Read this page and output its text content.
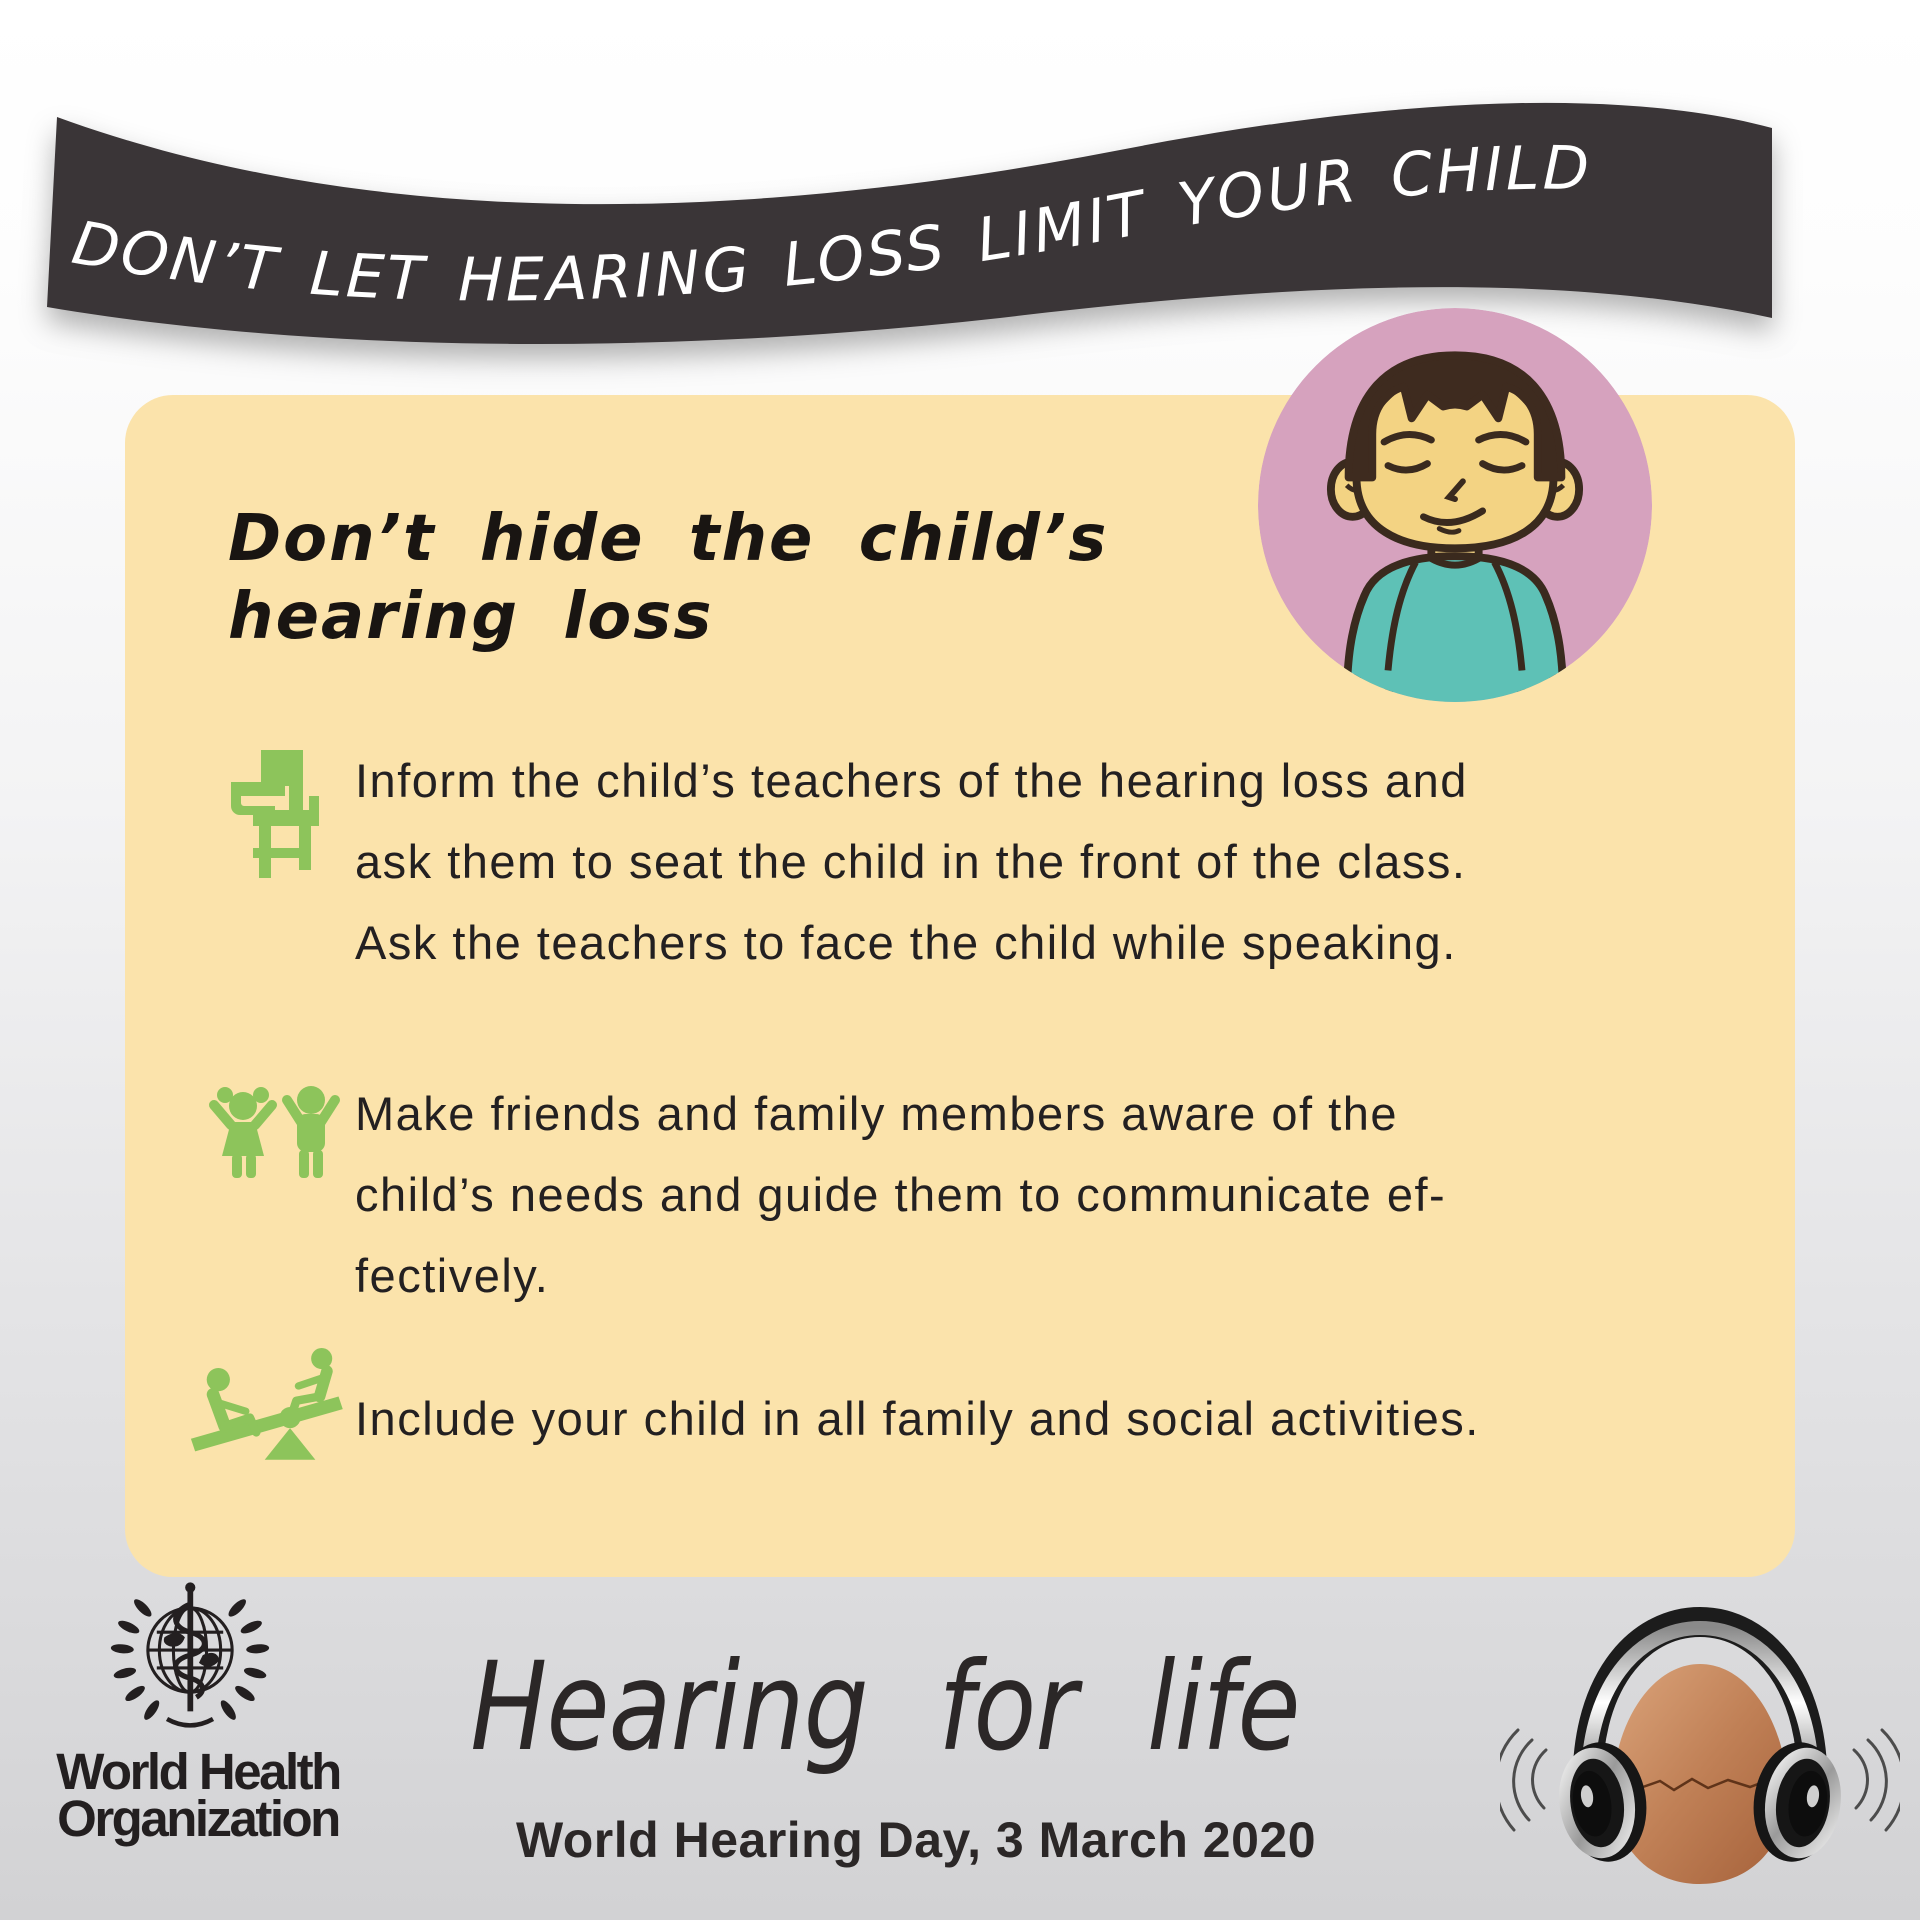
DON’T LET HEARING LOSS LIMIT YOUR CHILD
Don’t hide the child’s
hearing loss
Inform the child’s teachers of the hearing loss and
ask them to seat the child in the front of the class.
Ask the teachers to face the child while speaking.
Make friends and family members aware of the
child’s needs and guide them to communicate ef-
fectively.
Include your child in all family and social activities.
World Health
Organization
Hearing for life
World Hearing Day, 3 March 2020
